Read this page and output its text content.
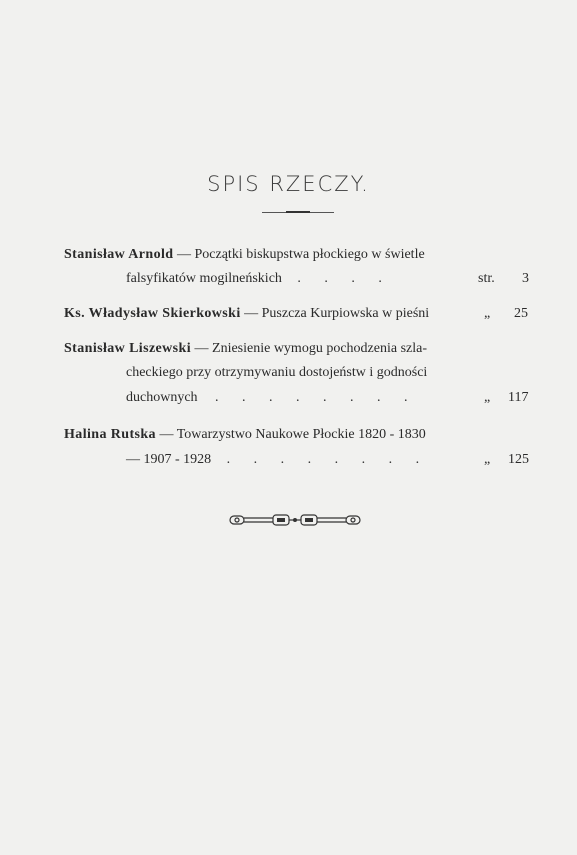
SPIS RZECZY.
Stanisław Arnold — Początki biskupstwa płockiego w świetle
falsyfikatów mogilneńskich . . . .	str. 3
Ks. Władysław Skierkowski — Puszcza Kurpiowska w pieśni	„ 25
Stanisław Liszewski — Zniesienie wymogu pochodzenia szla-
checkiego przy otrzymywaniu dostojeństw i godności
duchownych . . . . . . . .	„ 117
Halina Rutska — Towarzystwo Naukowe Płockie 1820 - 1830
— 1907 - 1928 . . . . . . . .	„ 125
